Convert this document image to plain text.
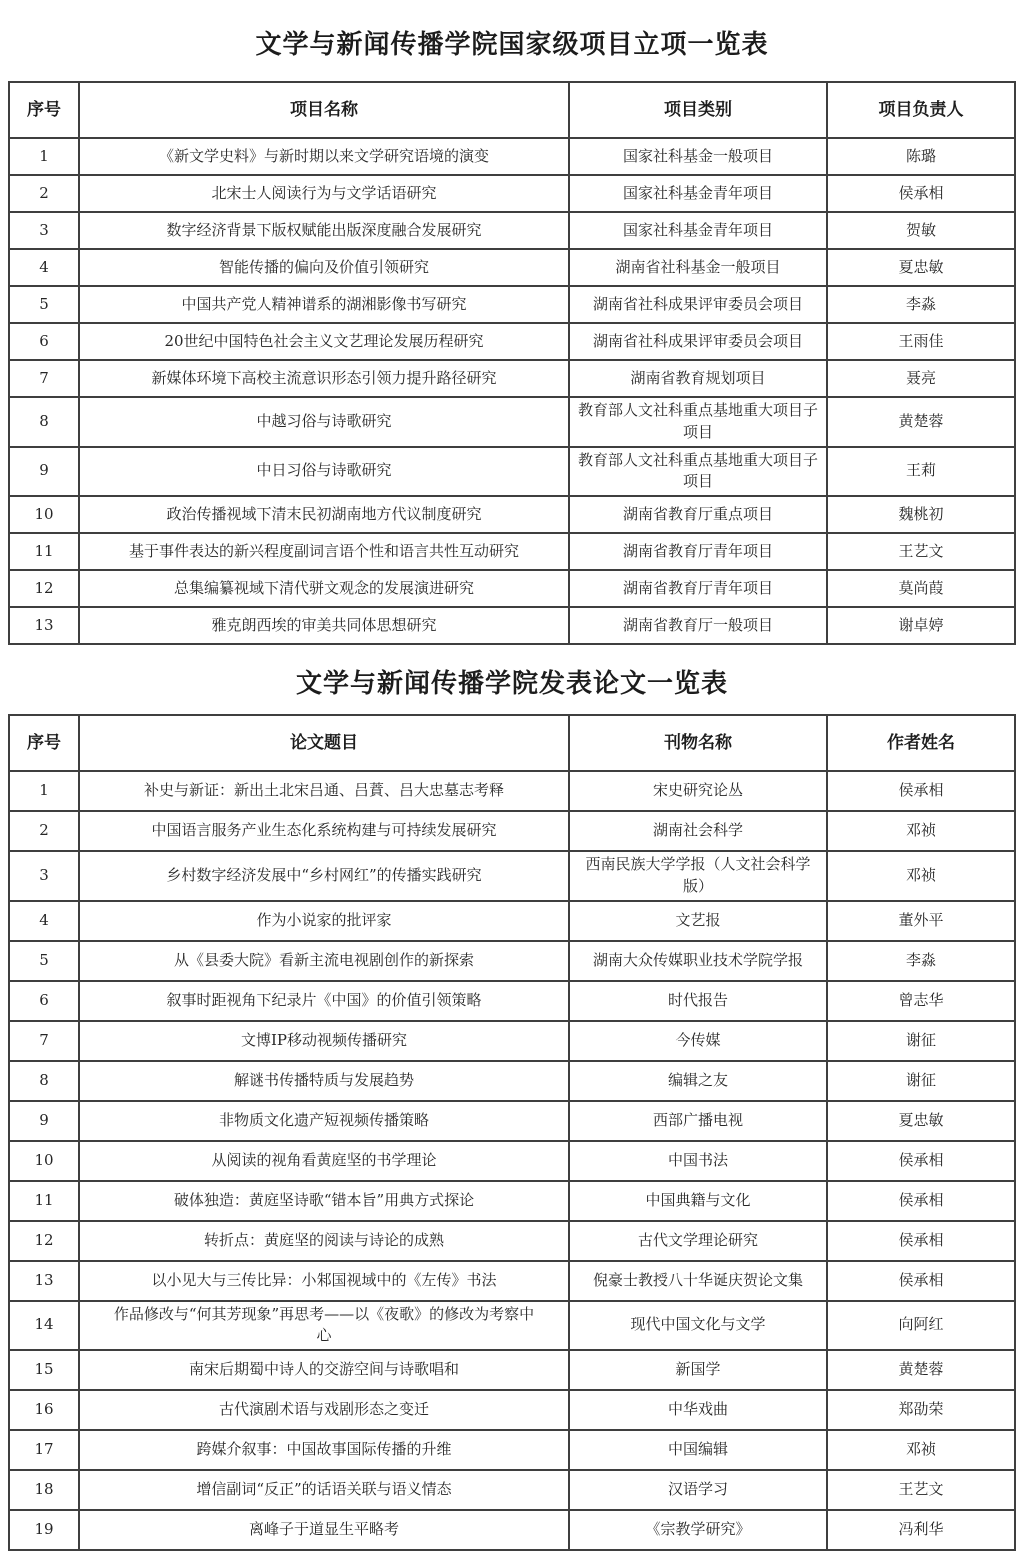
文学与新闻传播学院国家级项目立项一览表
序号	项目名称	项目类别	项目负责人
1	《新文学史料》与新时期以来文学研究语境的演变	国家社科基金一般项目	陈璐
2	北宋士人阅读行为与文学话语研究	国家社科基金青年项目	侯承相
3	数字经济背景下版权赋能出版深度融合发展研究	国家社科基金青年项目	贺敏
4	智能传播的偏向及价值引领研究	湖南省社科基金一般项目	夏忠敏
5	中国共产党人精神谱系的湖湘影像书写研究	湖南省社科成果评审委员会项目	李淼
6	20世纪中国特色社会主义文艺理论发展历程研究	湖南省社科成果评审委员会项目	王雨佳
7	新媒体环境下高校主流意识形态引领力提升路径研究	湖南省教育规划项目	聂亮
8	中越习俗与诗歌研究	教育部人文社科重点基地重大项目子项目	黄楚蓉
9	中日习俗与诗歌研究	教育部人文社科重点基地重大项目子项目	王莉
10	政治传播视域下清末民初湖南地方代议制度研究	湖南省教育厅重点项目	魏桃初
11	基于事件表达的新兴程度副词言语个性和语言共性互动研究	湖南省教育厅青年项目	王艺文
12	总集编纂视域下清代骈文观念的发展演进研究	湖南省教育厅青年项目	莫尚葭
13	雅克朗西埃的审美共同体思想研究	湖南省教育厅一般项目	谢卓婷
文学与新闻传播学院发表论文一览表
序号	论文题目	刊物名称	作者姓名
1	补史与新证：新出土北宋吕通、吕蕡、吕大忠墓志考释	宋史研究论丛	侯承相
2	中国语言服务产业生态化系统构建与可持续发展研究	湖南社会科学	邓祯
3	乡村数字经济发展中“乡村网红”的传播实践研究	西南民族大学学报（人文社会科学版）	邓祯
4	作为小说家的批评家	文艺报	董外平
5	从《县委大院》看新主流电视剧创作的新探索	湖南大众传媒职业技术学院学报	李淼
6	叙事时距视角下纪录片《中国》的价值引领策略	时代报告	曾志华
7	文博IP移动视频传播研究	今传媒	谢征
8	解谜书传播特质与发展趋势	编辑之友	谢征
9	非物质文化遗产短视频传播策略	西部广播电视	夏忠敏
10	从阅读的视角看黄庭坚的书学理论	中国书法	侯承相
11	破体独造：黄庭坚诗歌“错本旨”用典方式探论	中国典籍与文化	侯承相
12	转折点：黄庭坚的阅读与诗论的成熟	古代文学理论研究	侯承相
13	以小见大与三传比异：小邾国视域中的《左传》书法	倪豪士教授八十华诞庆贺论文集	侯承相
14	作品修改与“何其芳现象”再思考——以《夜歌》的修改为考察中心	现代中国文化与文学	向阿红
15	南宋后期蜀中诗人的交游空间与诗歌唱和	新国学	黄楚蓉
16	古代演剧术语与戏剧形态之变迁	中华戏曲	郑劭荣
17	跨媒介叙事：中国故事国际传播的升维	中国编辑	邓祯
18	增信副词“反正”的话语关联与语义情态	汉语学习	王艺文
19	离峰子于道显生平略考	《宗教学研究》	冯利华
